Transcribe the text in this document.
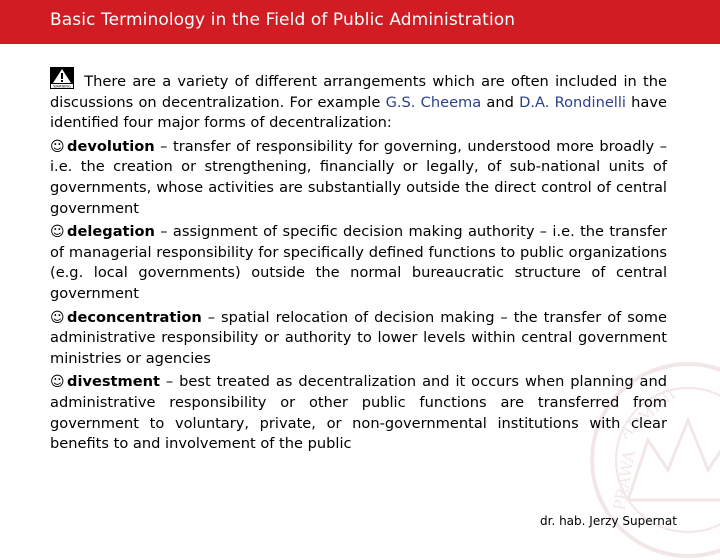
Basic Terminology in the Field of Public Administration
ADMINI
PRAWA

WARNING There are a variety of different arrangements which are often included in the discussions on decentralization. For example G.S. Cheema and D.A. Rondinelli have identified four major forms of decentralization:

☺ devolution – transfer of responsibility for governing, understood more broadly – i.e. the creation or strengthening, financially or legally, of sub-national units of governments, whose activities are substantially outside the direct control of central government

☺ delegation – assignment of specific decision making authority – i.e. the transfer of managerial responsibility for specifically defined functions to public organizations (e.g. local governments) outside the normal bureaucratic structure of central government

☺ deconcentration – spatial relocation of decision making – the transfer of some administrative responsibility or authority to lower levels within central government ministries or agencies

☺ divestment – best treated as decentralization and it occurs when planning and administrative responsibility or other public functions are transferred from government to voluntary, private, or non-governmental institutions with clear benefits to and involvement of the public

dr. hab. Jerzy Supernat
